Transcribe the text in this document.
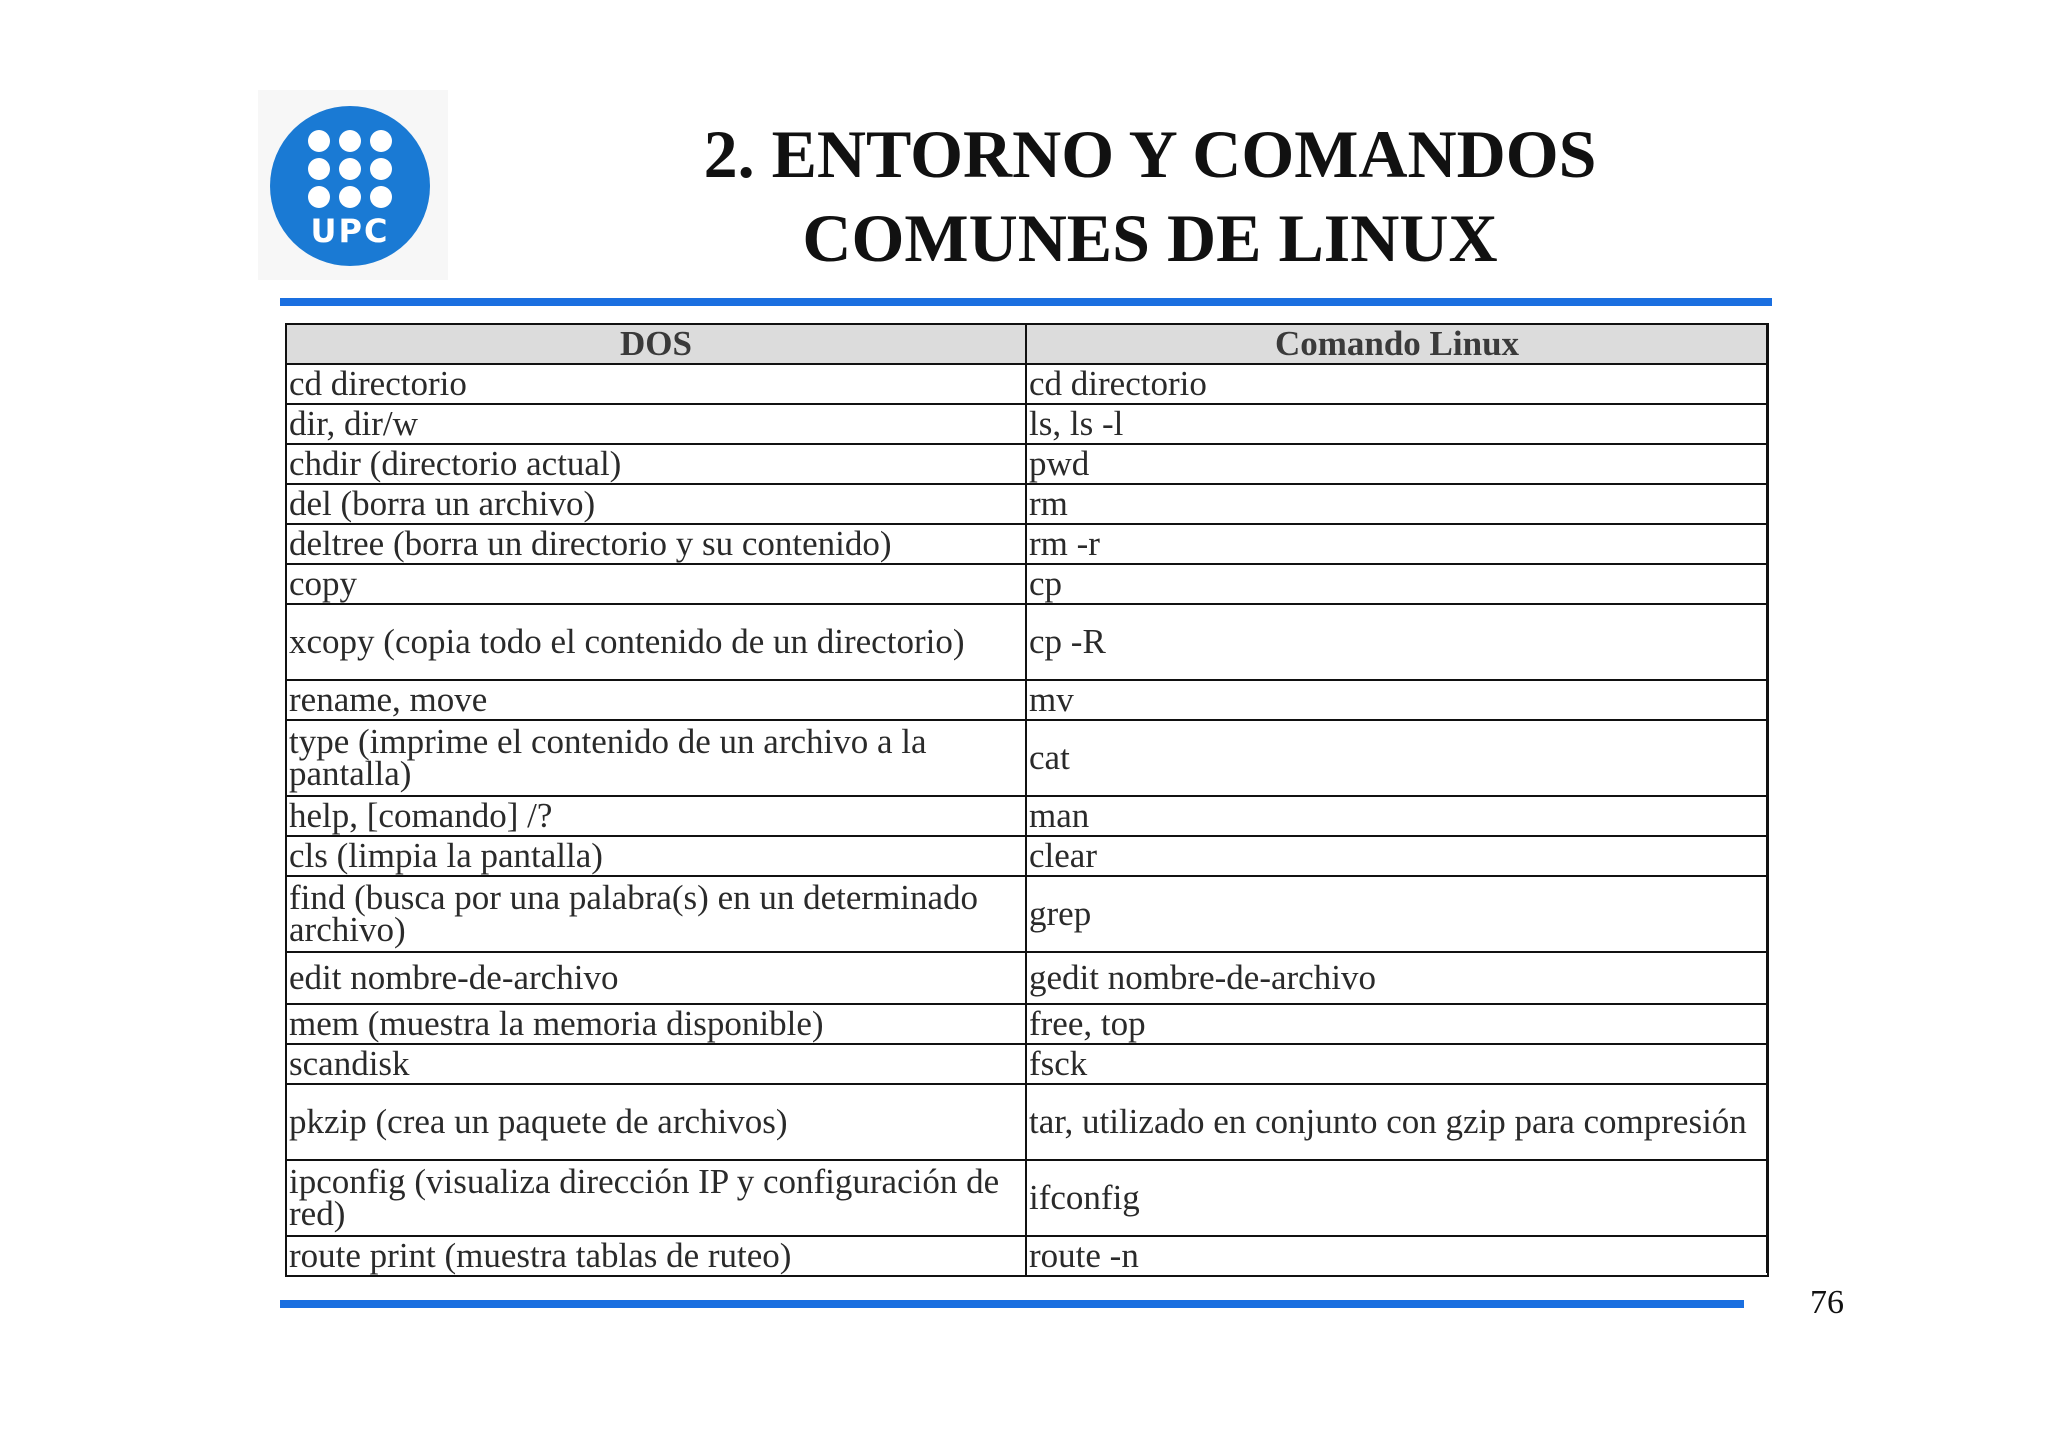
UPC
2. ENTORNO Y COMANDOS
COMUNES DE LINUX
DOS	Comando Linux
cd directorio	cd directorio
dir, dir/w	ls, ls -l
chdir (directorio actual)	pwd
del (borra un archivo)	rm
deltree (borra un directorio y su contenido)	rm -r
copy	cp
xcopy (copia todo el contenido de un directorio)	cp -R
rename, move	mv
type (imprime el contenido de un archivo a la pantalla)	cat
help, [comando] /?	man
cls (limpia la pantalla)	clear
find (busca por una palabra(s) en un determinado archivo)	grep
edit nombre-de-archivo	gedit nombre-de-archivo
mem (muestra la memoria disponible)	free, top
scandisk	fsck
pkzip (crea un paquete de archivos)	tar, utilizado en conjunto con gzip para compresión
ipconfig (visualiza dirección IP y configuración de red)	ifconfig
route print (muestra tablas de ruteo)	route -n
76
